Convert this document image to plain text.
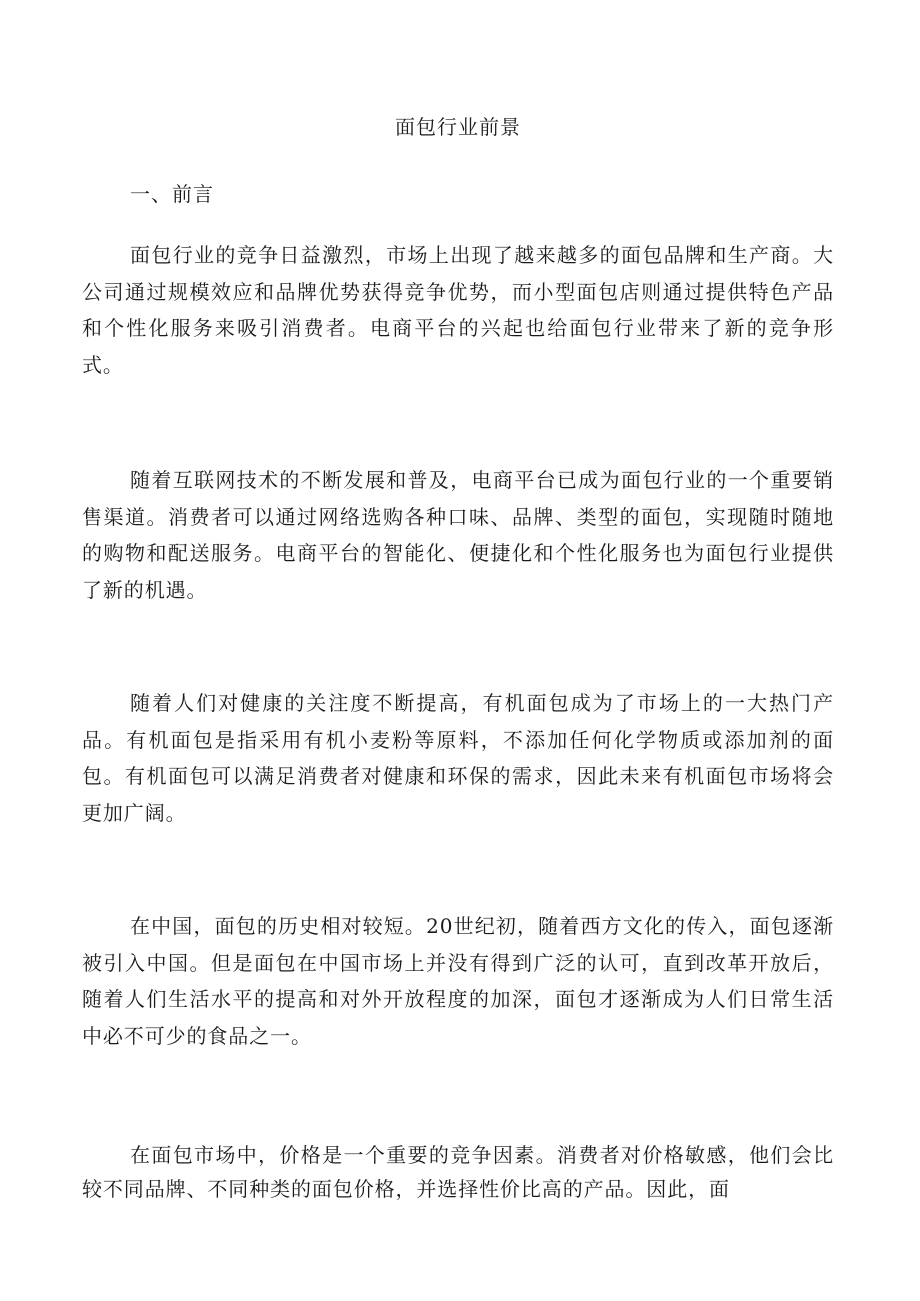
面包行业前景
一、前言

面包行业的竞争日益激烈，市场上出现了越来越多的面包品牌和生产商。大公司通过规模效应和品牌优势获得竞争优势，而小型面包店则通过提供特色产品和个性化服务来吸引消费者。电商平台的兴起也给面包行业带来了新的竞争形式。

随着互联网技术的不断发展和普及，电商平台已成为面包行业的一个重要销售渠道。消费者可以通过网络选购各种口味、品牌、类型的面包，实现随时随地的购物和配送服务。电商平台的智能化、便捷化和个性化服务也为面包行业提供了新的机遇。

随着人们对健康的关注度不断提高，有机面包成为了市场上的一大热门产品。有机面包是指采用有机小麦粉等原料，不添加任何化学物质或添加剂的面包。有机面包可以满足消费者对健康和环保的需求，因此未来有机面包市场将会更加广阔。

在中国，面包的历史相对较短。20世纪初，随着西方文化的传入，面包逐渐被引入中国。但是面包在中国市场上并没有得到广泛的认可，直到改革开放后，随着人们生活水平的提高和对外开放程度的加深，面包才逐渐成为人们日常生活中必不可少的食品之一。

在面包市场中，价格是一个重要的竞争因素。消费者对价格敏感，他们会比较不同品牌、不同种类的面包价格，并选择性价比高的产品。因此，面
